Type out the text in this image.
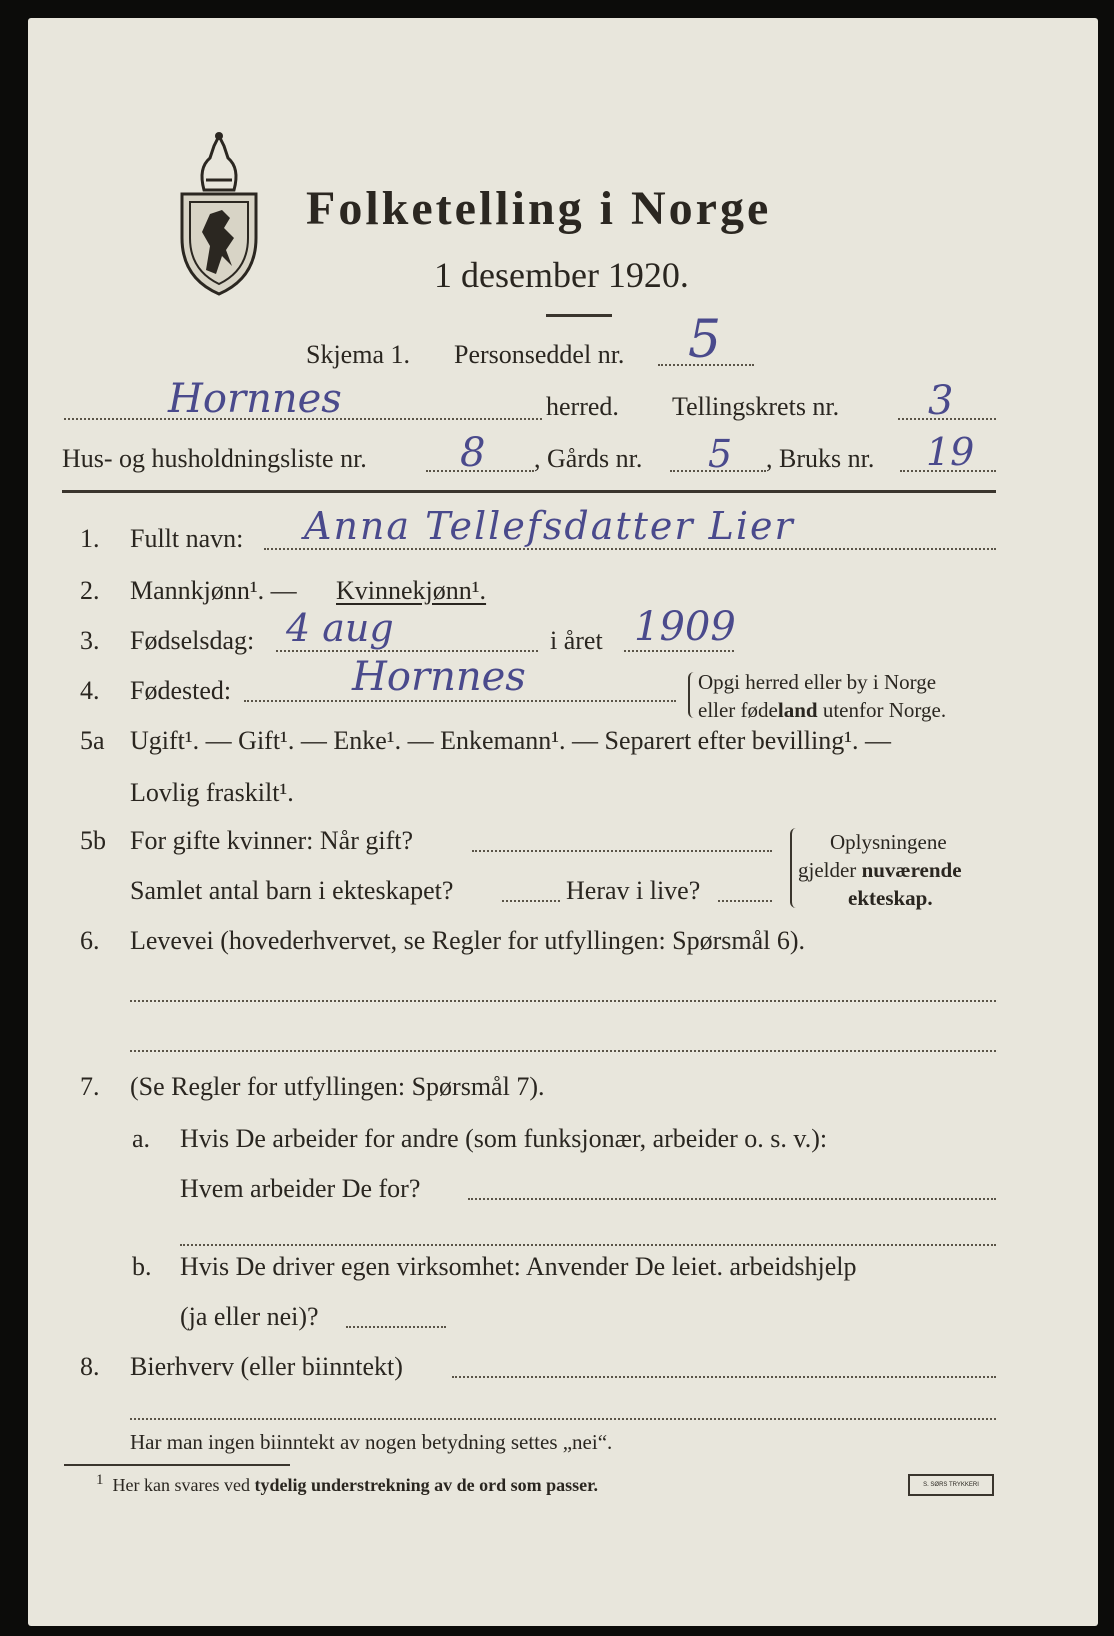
Folketelling i Norge
1 desember 1920.
Skjema 1. Personseddel nr. 5
Hornnes	herred. Tellingskrets nr. 3
Hus- og husholdningsliste nr. 8 , Gårds nr. 5 , Bruks nr. 19
1. Fullt navn: Anna Tellefsdatter Lier
2. Mannkjønn¹. — Kvinnekjønn¹.
3. Fødselsdag: 4 aug	i året 1909
4. Fødested:	Hornnes	Opgi herred eller by i Norge
eller fødeland utenfor Norge.
5a Ugift¹. — Gift¹. — Enke¹. — Enkemann¹. — Separert efter bevilling¹. —
Lovlig fraskilt¹.
5b For gifte kvinner: Når gift?
Samlet antal barn i ekteskapet?	Herav i live?
Oplysningene
gjelder nuværende
ekteskap.
6. Levevei (hovederhvervet, se Regler for utfyllingen: Spørsmål 6).
7. (Se Regler for utfyllingen: Spørsmål 7).
a. Hvis De arbeider for andre (som funksjonær, arbeider o. s. v.):
Hvem arbeider De for?
b. Hvis De driver egen virksomhet: Anvender De leiet. arbeidshjelp
(ja eller nei)?
8. Bierhverv (eller biinntekt)
Har man ingen biinntekt av nogen betydning settes „nei“.
$^1$ Her kan svares ved tydelig understrekning av de ord som passer.	S. SØRS TRYKKERI
